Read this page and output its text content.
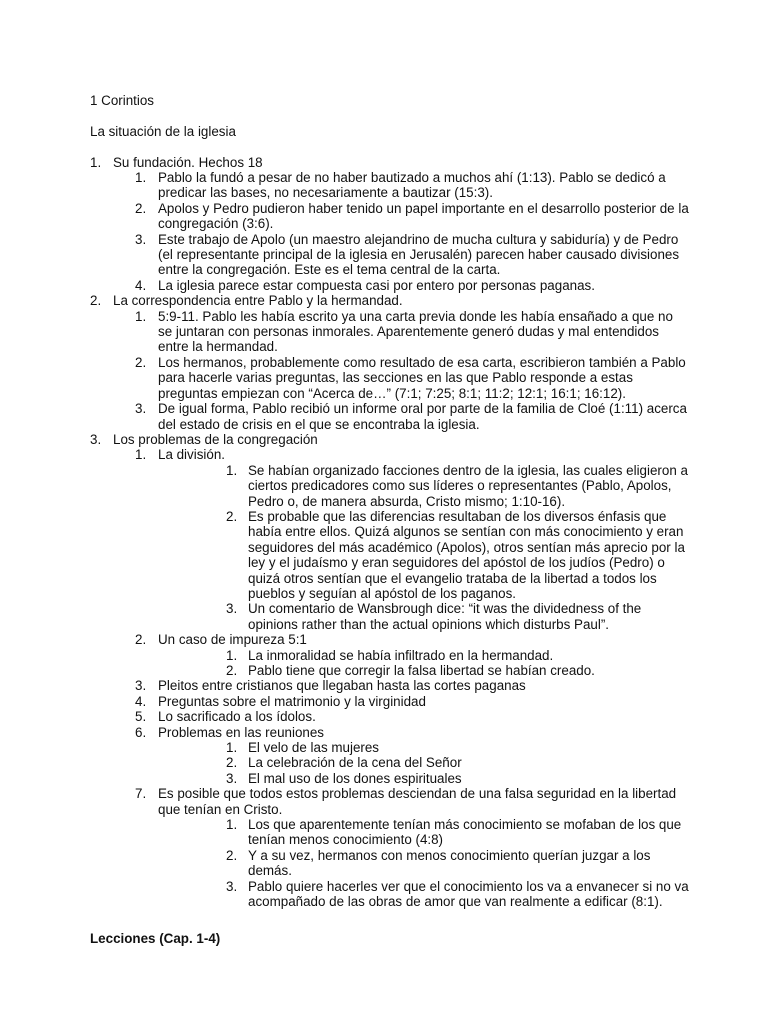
1 Corintios

La situación de la iglesia

1. Su fundación. Hechos 18
1. Pablo la fundó a pesar de no haber bautizado a muchos ahí (1:13). Pablo se dedicó a predicar las bases, no necesariamente a bautizar (15:3).
2. Apolos y Pedro pudieron haber tenido un papel importante en el desarrollo posterior de la congregación (3:6).
3. Este trabajo de Apolo (un maestro alejandrino de mucha cultura y sabiduría) y de Pedro (el representante principal de la iglesia en Jerusalén) parecen haber causado divisiones entre la congregación. Este es el tema central de la carta.
4. La iglesia parece estar compuesta casi por entero por personas paganas.
2. La correspondencia entre Pablo y la hermandad.
1. 5:9-11. Pablo les había escrito ya una carta previa donde les había ensañado a que no se juntaran con personas inmorales. Aparentemente generó dudas y mal entendidos entre la hermandad.
2. Los hermanos, probablemente como resultado de esa carta, escribieron también a Pablo para hacerle varias preguntas, las secciones en las que Pablo responde a estas preguntas empiezan con “Acerca de…” (7:1; 7:25; 8:1; 11:2; 12:1; 16:1; 16:12).
3. De igual forma, Pablo recibió un informe oral por parte de la familia de Cloé (1:11) acerca del estado de crisis en el que se encontraba la iglesia.
3. Los problemas de la congregación
1. La división.
1. Se habían organizado facciones dentro de la iglesia, las cuales eligieron a ciertos predicadores como sus líderes o representantes (Pablo, Apolos, Pedro o, de manera absurda, Cristo mismo; 1:10-16).
2. Es probable que las diferencias resultaban de los diversos énfasis que había entre ellos. Quizá algunos se sentían con más conocimiento y eran seguidores del más académico (Apolos), otros sentían más aprecio por la ley y el judaísmo y eran seguidores del apóstol de los judíos (Pedro) o quizá otros sentían que el evangelio trataba de la libertad a todos los pueblos y seguían al apóstol de los paganos.
3. Un comentario de Wansbrough dice: “it was the dividedness of the opinions rather than the actual opinions which disturbs Paul”.
2. Un caso de impureza 5:1
1. La inmoralidad se había infiltrado en la hermandad.
2. Pablo tiene que corregir la falsa libertad se habían creado.
3. Pleitos entre cristianos que llegaban hasta las cortes paganas
4. Preguntas sobre el matrimonio y la virginidad
5. Lo sacrificado a los ídolos.
6. Problemas en las reuniones
1. El velo de las mujeres
2. La celebración de la cena del Señor
3. El mal uso de los dones espirituales
7. Es posible que todos estos problemas desciendan de una falsa seguridad en la libertad que tenían en Cristo.
1. Los que aparentemente tenían más conocimiento se mofaban de los que tenían menos conocimiento (4:8)
2. Y a su vez, hermanos con menos conocimiento querían juzgar a los demás.
3. Pablo quiere hacerles ver que el conocimiento los va a envanecer si no va acompañado de las obras de amor que van realmente a edificar (8:1).

Lecciones (Cap. 1-4)
